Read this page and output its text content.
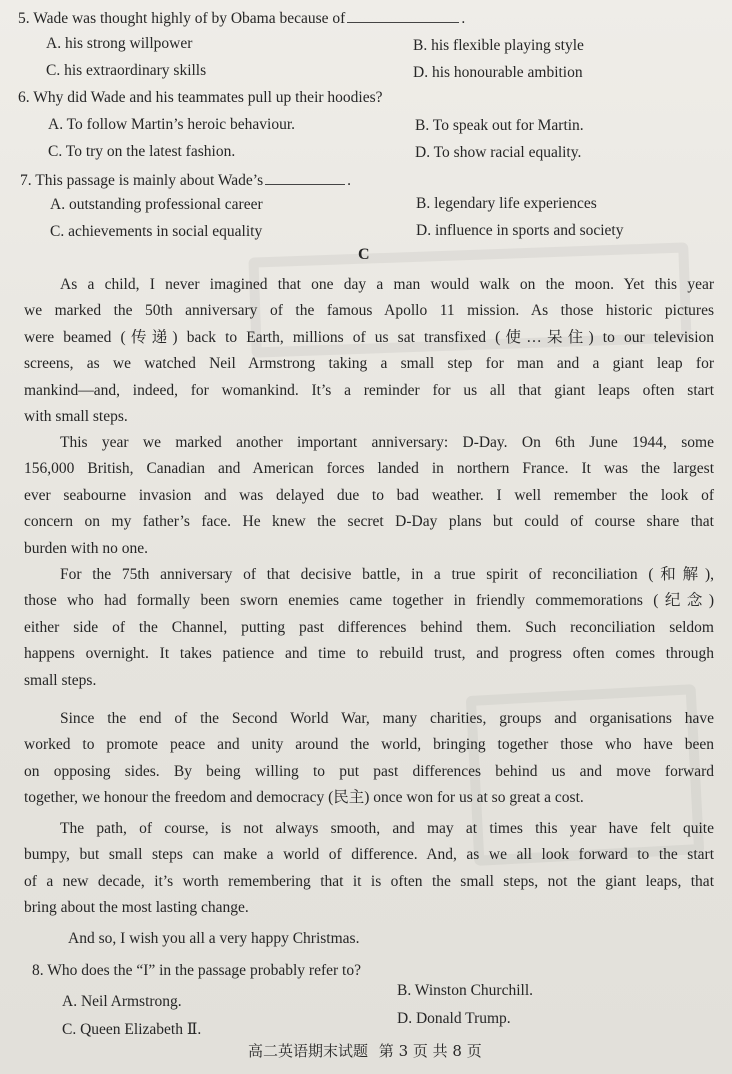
5. Wade was thought highly of by Obama because of	.
A. his strong willpower	B. his flexible playing style
C. his extraordinary skills	D. his honourable ambition
6. Why did Wade and his teammates pull up their hoodies?
A. To follow Martin’s heroic behaviour.	B. To speak out for Martin.
C. To try on the latest fashion.	D. To show racial equality.
7. This passage is mainly about Wade’s	.
A. outstanding professional career	B. legendary life experiences
C. achievements in social equality	D. influence in sports and society
C
As a child, I never imagined that one day a man would walk on the moon. Yet this year
we marked the 50th anniversary of the famous Apollo 11 mission. As those historic pictures
were beamed (传递) back to Earth, millions of us sat transfixed (使…呆住) to our television
screens, as we watched Neil Armstrong taking a small step for man and a giant leap for
mankind—and, indeed, for womankind. It’s a reminder for us all that giant leaps often start
with small steps.
This year we marked another important anniversary: D-Day. On 6th June 1944, some
156,000 British, Canadian and American forces landed in northern France. It was the largest
ever seabourne invasion and was delayed due to bad weather. I well remember the look of
concern on my father’s face. He knew the secret D-Day plans but could of course share that
burden with no one.
For the 75th anniversary of that decisive battle, in a true spirit of reconciliation (和解),
those who had formally been sworn enemies came together in friendly commemorations (纪念)
either side of the Channel, putting past differences behind them. Such reconciliation seldom
happens overnight. It takes patience and time to rebuild trust, and progress often comes through
small steps.
Since the end of the Second World War, many charities, groups and organisations have
worked to promote peace and unity around the world, bringing together those who have been
on opposing sides. By being willing to put past differences behind us and move forward
together, we honour the freedom and democracy (民主) once won for us at so great a cost.
The path, of course, is not always smooth, and may at times this year have felt quite
bumpy, but small steps can make a world of difference. And, as we all look forward to the start
of a new decade, it’s worth remembering that it is often the small steps, not the giant leaps, that
bring about the most lasting change.
And so, I wish you all a very happy Christmas.
8. Who does the “I” in the passage probably refer to?
A. Neil Armstrong.
B. Winston Churchill.
C. Queen Elizabeth Ⅱ.
D. Donald Trump.
高二英语期末试题 第 3 页 共 8 页
